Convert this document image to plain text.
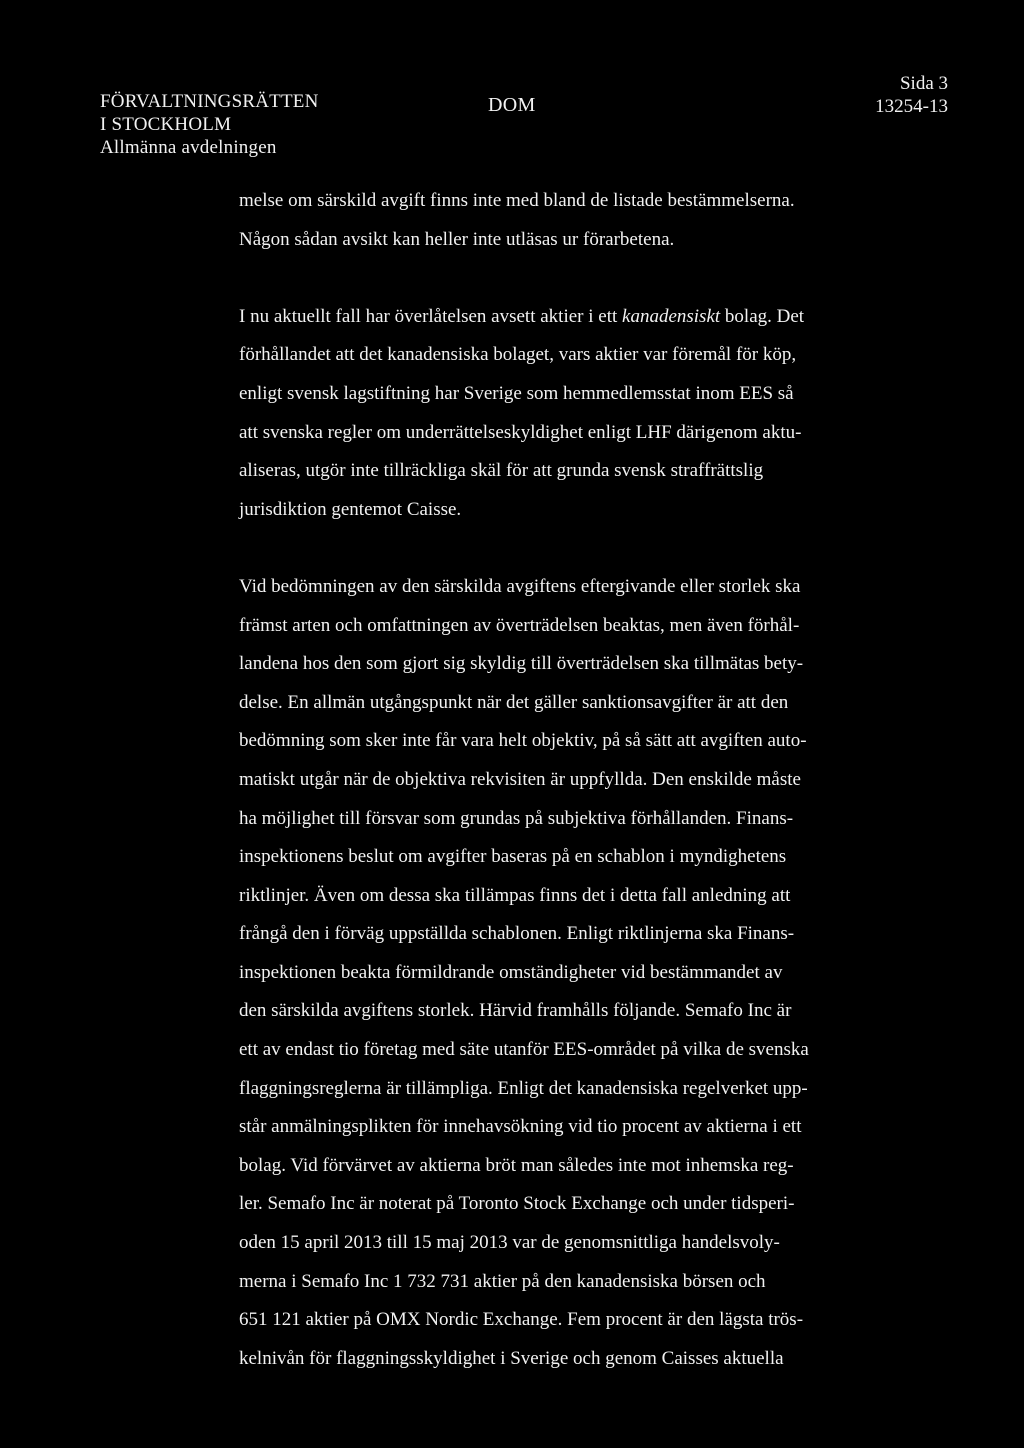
FÖRVALTNINGSRÄTTEN
I STOCKHOLM
Allmänna avdelningen
DOM
Sida 3
13254-13
melse om särskild avgift finns inte med bland de listade bestämmelserna.
Någon sådan avsikt kan heller inte utläsas ur förarbetena.
I nu aktuellt fall har överlåtelsen avsett aktier i ett kanadensiskt bolag. Det
förhållandet att det kanadensiska bolaget, vars aktier var föremål för köp,
enligt svensk lagstiftning har Sverige som hemmedlemsstat inom EES så
att svenska regler om underrättelseskyldighet enligt LHF därigenom aktu-
aliseras, utgör inte tillräckliga skäl för att grunda svensk straffrättslig
jurisdiktion gentemot Caisse.
Vid bedömningen av den särskilda avgiftens eftergivande eller storlek ska
främst arten och omfattningen av överträdelsen beaktas, men även förhål-
landena hos den som gjort sig skyldig till överträdelsen ska tillmätas bety-
delse. En allmän utgångspunkt när det gäller sanktionsavgifter är att den
bedömning som sker inte får vara helt objektiv, på så sätt att avgiften auto-
matiskt utgår när de objektiva rekvisiten är uppfyllda. Den enskilde måste
ha möjlighet till försvar som grundas på subjektiva förhållanden. Finans-
inspektionens beslut om avgifter baseras på en schablon i myndighetens
riktlinjer. Även om dessa ska tillämpas finns det i detta fall anledning att
frångå den i förväg uppställda schablonen. Enligt riktlinjerna ska Finans-
inspektionen beakta förmildrande omständigheter vid bestämmandet av
den särskilda avgiftens storlek. Härvid framhålls följande. Semafo Inc är
ett av endast tio företag med säte utanför EES-området på vilka de svenska
flaggningsreglerna är tillämpliga. Enligt det kanadensiska regelverket upp-
står anmälningsplikten för innehavsökning vid tio procent av aktierna i ett
bolag. Vid förvärvet av aktierna bröt man således inte mot inhemska reg-
ler. Semafo Inc är noterat på Toronto Stock Exchange och under tidsperi-
oden 15 april 2013 till 15 maj 2013 var de genomsnittliga handelsvoly-
merna i Semafo Inc 1 732 731 aktier på den kanadensiska börsen och
651 121 aktier på OMX Nordic Exchange. Fem procent är den lägsta trös-
kelnivån för flaggningsskyldighet i Sverige och genom Caisses aktuella
